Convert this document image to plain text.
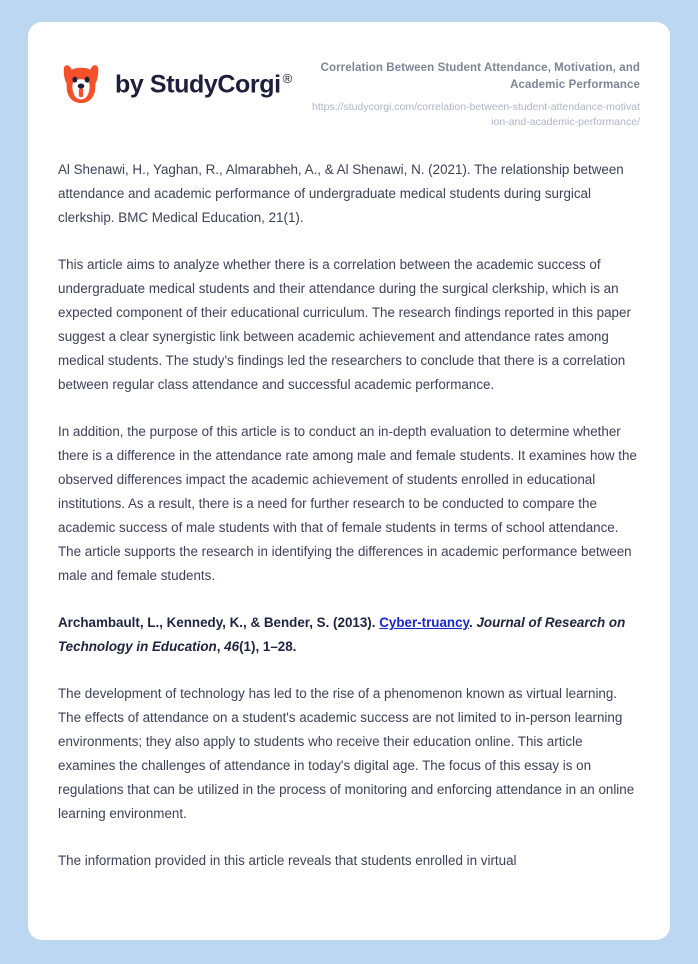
by StudyCorgi ®

Correlation Between Student Attendance, Motivation, and Academic Performance

https://studycorgi.com/correlation-between-student-attendance-motivation-and-academic-performance/

Al Shenawi, H., Yaghan, R., Almarabheh, A., & Al Shenawi, N. (2021). The relationship between attendance and academic performance of undergraduate medical students during surgical clerkship. BMC Medical Education, 21(1).

This article aims to analyze whether there is a correlation between the academic success of undergraduate medical students and their attendance during the surgical clerkship, which is an expected component of their educational curriculum. The research findings reported in this paper suggest a clear synergistic link between academic achievement and attendance rates among medical students. The study's findings led the researchers to conclude that there is a correlation between regular class attendance and successful academic performance.

In addition, the purpose of this article is to conduct an in-depth evaluation to determine whether there is a difference in the attendance rate among male and female students. It examines how the observed differences impact the academic achievement of students enrolled in educational institutions. As a result, there is a need for further research to be conducted to compare the academic success of male students with that of female students in terms of school attendance. The article supports the research in identifying the differences in academic performance between male and female students.

Archambault, L., Kennedy, K., & Bender, S. (2013). Cyber-truancy. Journal of Research on Technology in Education, 46(1), 1–28.

The development of technology has led to the rise of a phenomenon known as virtual learning. The effects of attendance on a student's academic success are not limited to in-person learning environments; they also apply to students who receive their education online. This article examines the challenges of attendance in today's digital age. The focus of this essay is on regulations that can be utilized in the process of monitoring and enforcing attendance in an online learning environment.

The information provided in this article reveals that students enrolled in virtual
